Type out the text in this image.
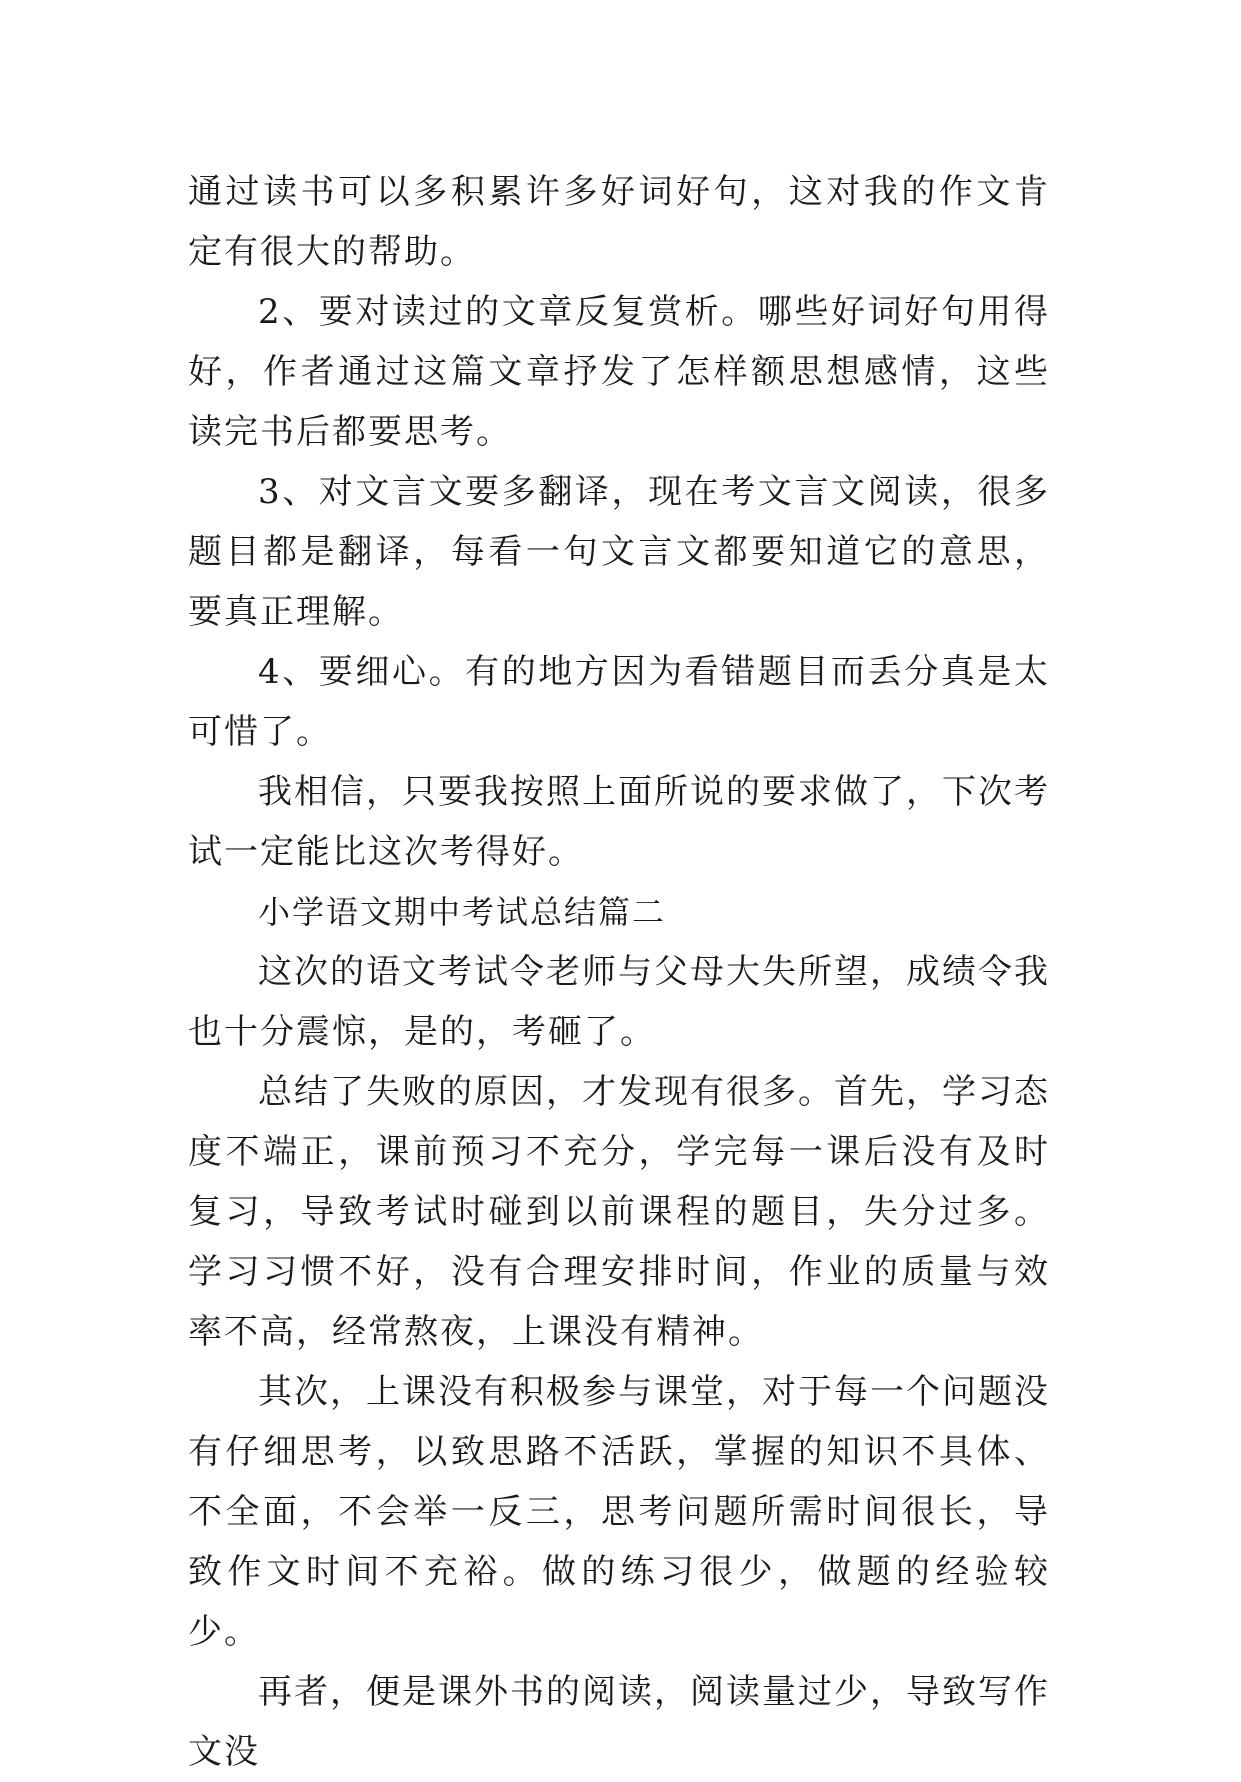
通过读书可以多积累许多好词好句，这对我的作文肯定有很大的帮助。

2、要对读过的文章反复赏析。哪些好词好句用得好，作者通过这篇文章抒发了怎样额思想感情，这些读完书后都要思考。

3、对文言文要多翻译，现在考文言文阅读，很多题目都是翻译，每看一句文言文都要知道它的意思，要真正理解。

4、要细心。有的地方因为看错题目而丢分真是太可惜了。

我相信，只要我按照上面所说的要求做了，下次考试一定能比这次考得好。

小学语文期中考试总结篇二

这次的语文考试令老师与父母大失所望，成绩令我也十分震惊，是的，考砸了。

总结了失败的原因，才发现有很多。首先，学习态度不端正，课前预习不充分，学完每一课后没有及时复习，导致考试时碰到以前课程的题目，失分过多。学习习惯不好，没有合理安排时间，作业的质量与效率不高，经常熬夜，上课没有精神。

其次，上课没有积极参与课堂，对于每一个问题没有仔细思考，以致思路不活跃，掌握的知识不具体、不全面，不会举一反三，思考问题所需时间很长，导致作文时间不充裕。做的练习很少，做题的经验较少。

再者，便是课外书的阅读，阅读量过少，导致写作文没
